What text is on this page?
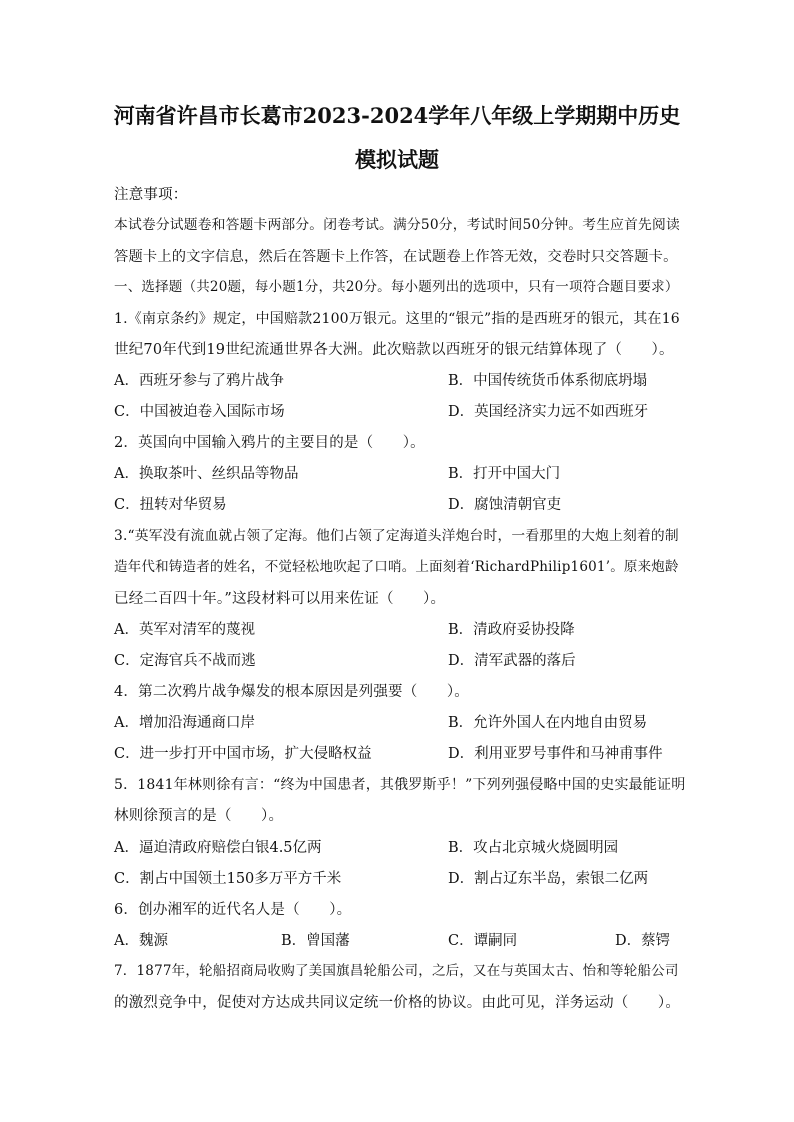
河南省许昌市长葛市2023-2024学年八年级上学期期中历史
模拟试题
注意事项：
本试卷分试题卷和答题卡两部分。闭卷考试。满分50分，考试时间50分钟。考生应首先阅读
答题卡上的文字信息，然后在答题卡上作答，在试题卷上作答无效，交卷时只交答题卡。
一、选择题（共20题，每小题1分，共20分。每小题列出的选项中，只有一项符合题目要求）
1.《南京条约》规定，中国赔款2100万银元。这里的“银元”指的是西班牙的银元，其在16
世纪70年代到19世纪流通世界各大洲。此次赔款以西班牙的银元结算体现了（　　）。
A．西班牙参与了鸦片战争	B．中国传统货币体系彻底坍塌
C．中国被迫卷入国际市场	D．英国经济实力远不如西班牙
2．英国向中国输入鸦片的主要目的是（　　）。
A．换取茶叶、丝织品等物品	B．打开中国大门
C．扭转对华贸易	D．腐蚀清朝官吏
3.“英军没有流血就占领了定海。他们占领了定海道头洋炮台时，一看那里的大炮上刻着的制
造年代和铸造者的姓名，不觉轻松地吹起了口哨。上面刻着‘RichardPhilip1601’。原来炮龄
已经二百四十年。”这段材料可以用来佐证（　　）。
A．英军对清军的蔑视	B．清政府妥协投降
C．定海官兵不战而逃	D．清军武器的落后
4．第二次鸦片战争爆发的根本原因是列强要（　　）。
A．增加沿海通商口岸	B．允许外国人在内地自由贸易
C．进一步打开中国市场，扩大侵略权益	D．利用亚罗号事件和马神甫事件
5．1841年林则徐有言：“终为中国患者，其俄罗斯乎！”下列列强侵略中国的史实最能证明
林则徐预言的是（　　）。
A．逼迫清政府赔偿白银4.5亿两	B．攻占北京城火烧圆明园
C．割占中国领土150多万平方千米	D．割占辽东半岛，索银二亿两
6．创办湘军的近代名人是（　　）。
A．魏源	B．曾国藩	C．谭嗣同	D．蔡锷
7．1877年，轮船招商局收购了美国旗昌轮船公司，之后，又在与英国太古、怡和等轮船公司
的激烈竞争中，促使对方达成共同议定统一价格的协议。由此可见，洋务运动（　　）。
